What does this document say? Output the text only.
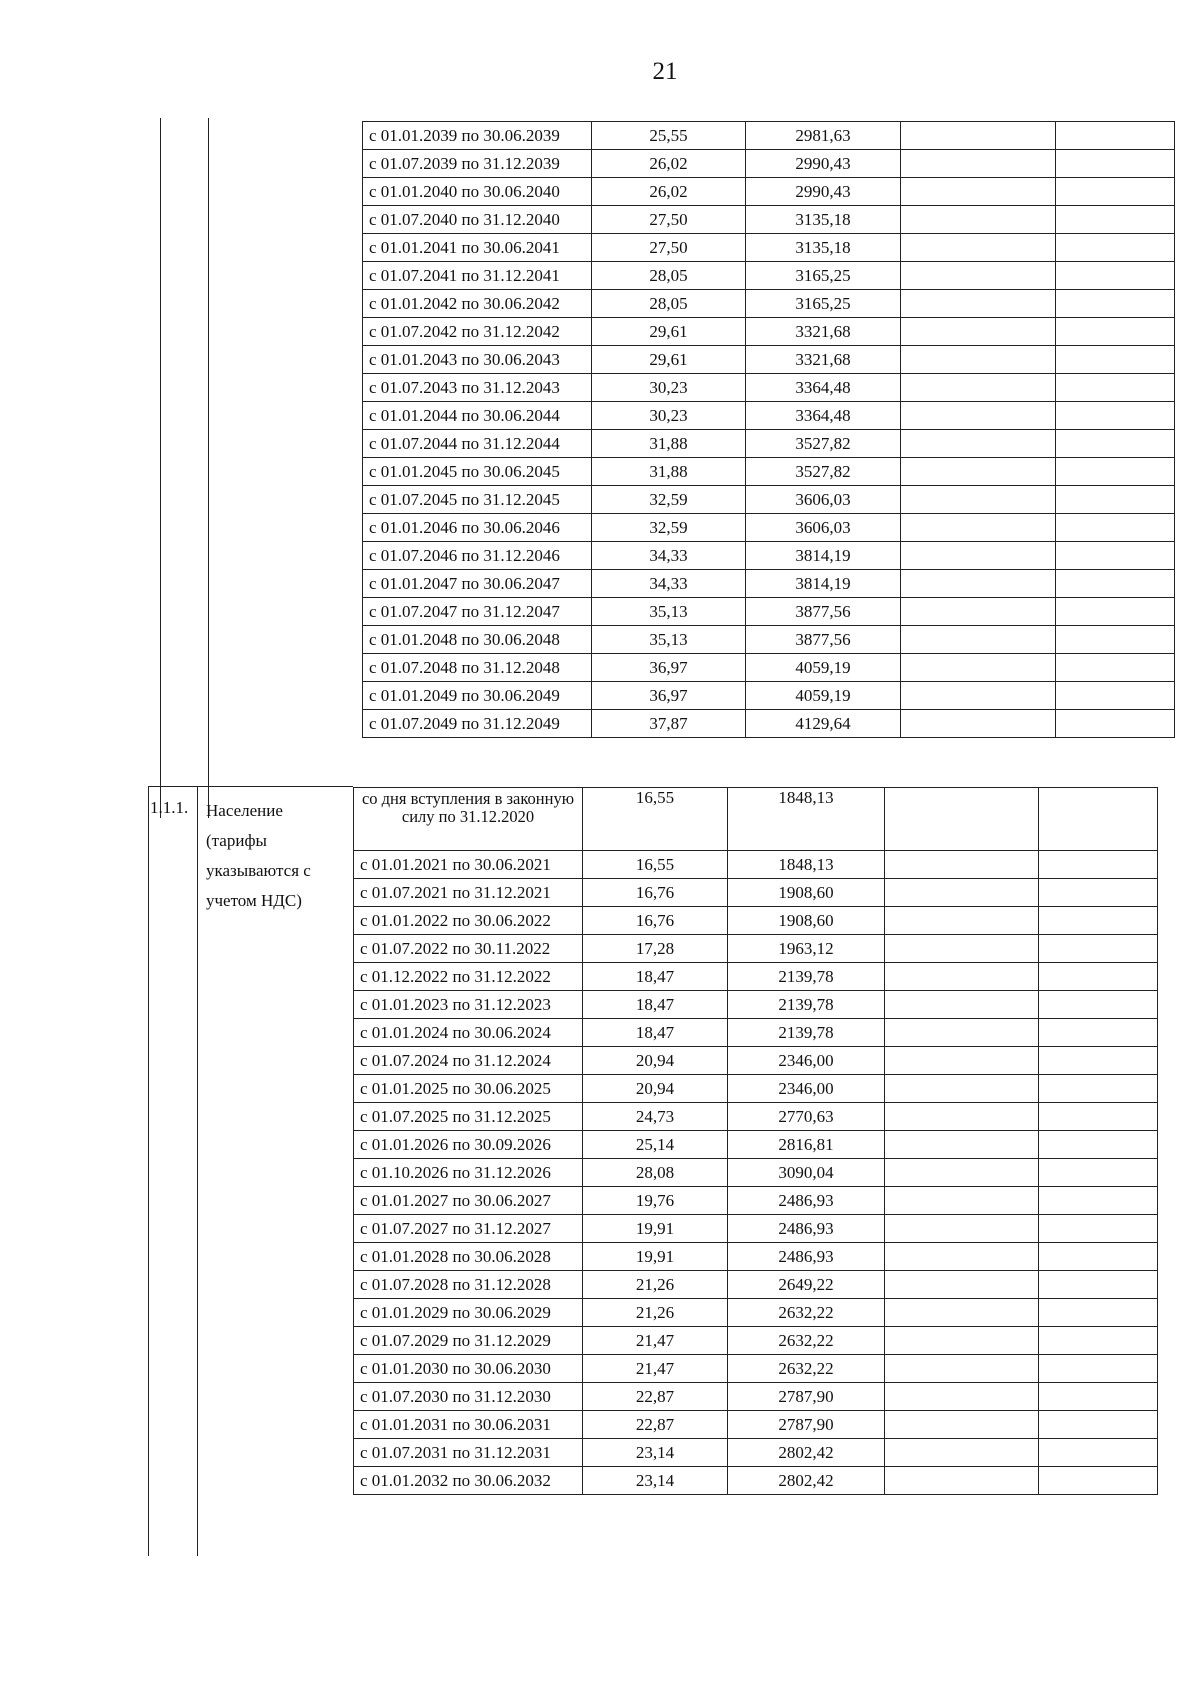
21
1.1.1. Население (тарифы указываются с учетом НДС)
с 01.01.2039 по 30.06.2039	25,55	2981,63		
с 01.07.2039 по 31.12.2039	26,02	2990,43		
с 01.01.2040 по 30.06.2040	26,02	2990,43		
с 01.07.2040 по 31.12.2040	27,50	3135,18		
с 01.01.2041 по 30.06.2041	27,50	3135,18		
с 01.07.2041 по 31.12.2041	28,05	3165,25		
с 01.01.2042 по 30.06.2042	28,05	3165,25		
с 01.07.2042 по 31.12.2042	29,61	3321,68		
с 01.01.2043 по 30.06.2043	29,61	3321,68		
с 01.07.2043 по 31.12.2043	30,23	3364,48		
с 01.01.2044 по 30.06.2044	30,23	3364,48		
с 01.07.2044 по 31.12.2044	31,88	3527,82		
с 01.01.2045 по 30.06.2045	31,88	3527,82		
с 01.07.2045 по 31.12.2045	32,59	3606,03		
с 01.01.2046 по 30.06.2046	32,59	3606,03		
с 01.07.2046 по 31.12.2046	34,33	3814,19		
с 01.01.2047 по 30.06.2047	34,33	3814,19		
с 01.07.2047 по 31.12.2047	35,13	3877,56		
с 01.01.2048 по 30.06.2048	35,13	3877,56		
с 01.07.2048 по 31.12.2048	36,97	4059,19		
с 01.01.2049 по 30.06.2049	36,97	4059,19		
с 01.07.2049 по 31.12.2049	37,87	4129,64		
со дня вступления в законную силу по 31.12.2020	16,55	1848,13		
с 01.01.2021 по 30.06.2021	16,55	1848,13		
с 01.07.2021 по 31.12.2021	16,76	1908,60		
с 01.01.2022 по 30.06.2022	16,76	1908,60		
с 01.07.2022 по 30.11.2022	17,28	1963,12		
с 01.12.2022 по 31.12.2022	18,47	2139,78		
с 01.01.2023 по 31.12.2023	18,47	2139,78		
с 01.01.2024 по 30.06.2024	18,47	2139,78		
с 01.07.2024 по 31.12.2024	20,94	2346,00		
с 01.01.2025 по 30.06.2025	20,94	2346,00		
с 01.07.2025 по 31.12.2025	24,73	2770,63		
с 01.01.2026 по 30.09.2026	25,14	2816,81		
с 01.10.2026 по 31.12.2026	28,08	3090,04		
с 01.01.2027 по 30.06.2027	19,76	2486,93		
с 01.07.2027 по 31.12.2027	19,91	2486,93		
с 01.01.2028 по 30.06.2028	19,91	2486,93		
с 01.07.2028 по 31.12.2028	21,26	2649,22		
с 01.01.2029 по 30.06.2029	21,26	2632,22		
с 01.07.2029 по 31.12.2029	21,47	2632,22		
с 01.01.2030 по 30.06.2030	21,47	2632,22		
с 01.07.2030 по 31.12.2030	22,87	2787,90		
с 01.01.2031 по 30.06.2031	22,87	2787,90		
с 01.07.2031 по 31.12.2031	23,14	2802,42		
с 01.01.2032 по 30.06.2032	23,14	2802,42		
